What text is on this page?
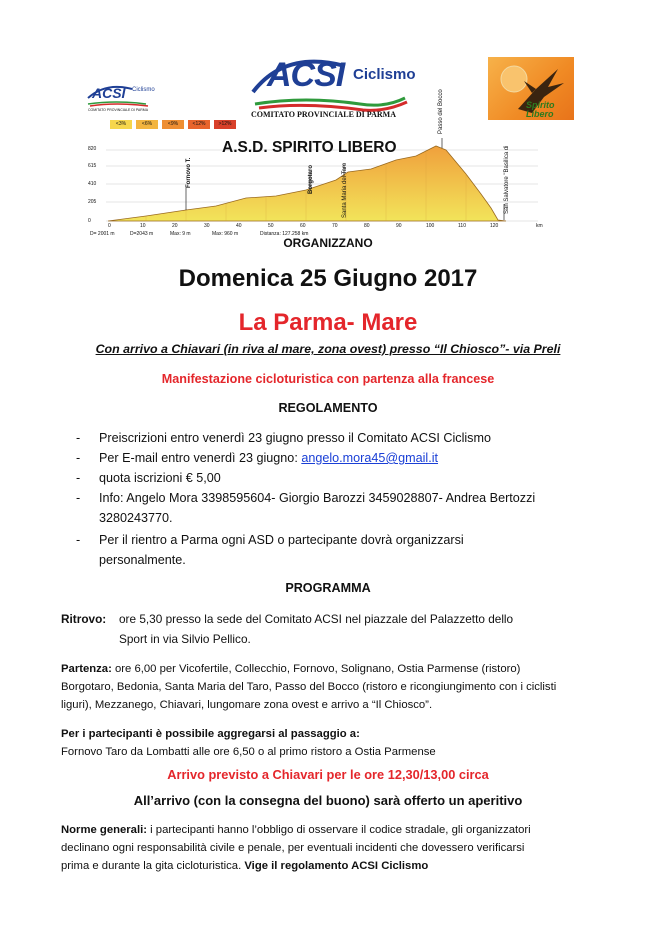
ACSI Ciclismo
COMITATO PROVINCIALE DI PARMA
Spirito Libero
ACSI Ciclismo
COMITATO PROVINCIALE DI PARMA
<3%	<6%	<9%	<12%	>12%
820
615
410
205
0
0	10	20	30	40	50	60	70	80	90	100	110	120	km
Fornovo T.	Borgotaro	Santa Maria del Taro
Passo del Bocco
San Salvatore "Basilica di
D= 2001 m	D=2043 m	Max: 9 m	Max: 960 m	Distanza: 127.258 km
A.S.D. SPIRITO LIBERO
ORGANIZZANO
Domenica 25 Giugno 2017
La Parma- Mare
Con arrivo a Chiavari (in riva al mare, zona ovest) presso “Il Chiosco”- via Preli
Manifestazione cicloturistica con partenza alla francese
REGOLAMENTO
- Preiscrizioni entro venerdì 23 giugno presso il Comitato ACSI Ciclismo
- Per E-mail entro venerdì 23 giugno: angelo.mora45@gmail.it
- quota iscrizioni € 5,00
- Info: Angelo Mora 3398595604- Giorgio Barozzi 3459028807- Andrea Bertozzi
3280243770.
- Per il rientro a Parma ogni ASD o partecipante dovrà organizzarsi
personalmente.
PROGRAMMA
Ritrovo: ore 5,30 presso la sede del Comitato ACSI nel piazzale del Palazzetto dello
Sport in via Silvio Pellico.
Partenza: ore 6,00 per Vicofertile, Collecchio, Fornovo, Solignano, Ostia Parmense (ristoro)
Borgotaro, Bedonia, Santa Maria del Taro, Passo del Bocco (ristoro e ricongiungimento con i ciclisti
liguri), Mezzanego, Chiavari, lungomare zona ovest e arrivo a “Il Chiosco”.
Per i partecipanti è possibile aggregarsi al passaggio a:
Fornovo Taro da Lombatti alle ore 6,50 o al primo ristoro a Ostia Parmense
Arrivo previsto a Chiavari per le ore 12,30/13,00 circa
All’arrivo (con la consegna del buono) sarà offerto un aperitivo
Norme generali: i partecipanti hanno l’obbligo di osservare il codice stradale, gli organizzatori
declinano ogni responsabilità civile e penale, per eventuali incidenti che dovessero verificarsi
prima e durante la gita cicloturistica. Vige il regolamento ACSI Ciclismo
